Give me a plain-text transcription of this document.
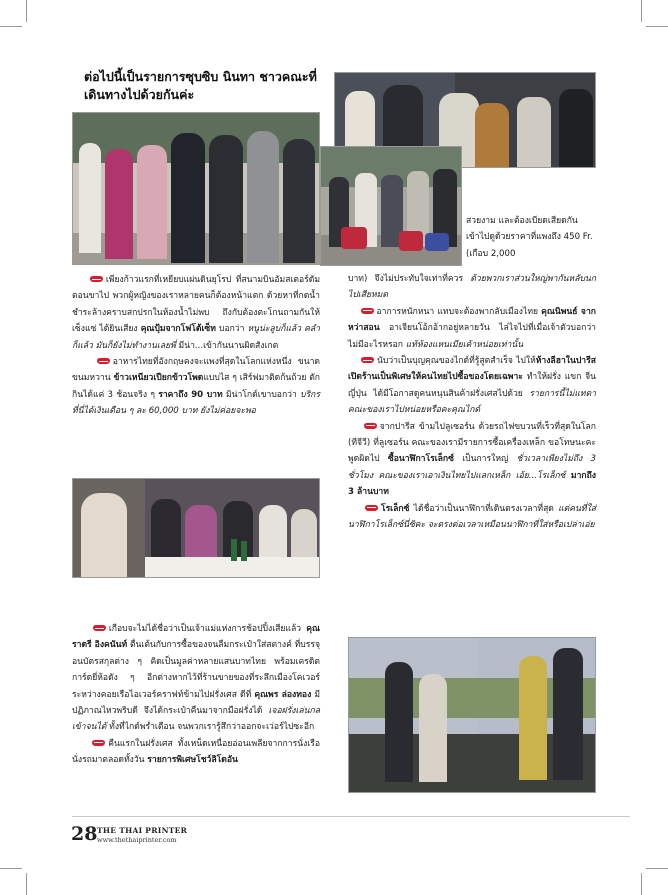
ต่อไปนี้เป็นรายการซุบซิบ นินทา ชาวคณะที่เดินทางไปด้วยกันค่ะ

สวยงาม และต้องเบียดเสียดกันเข้าไปดูด้วยราคาที่แพงถึง 450 Fr. (เกือบ 2,000

เพียงก้าวแรกที่เหยียบแผ่นดินยุโรป ที่สนามบินอัมสเตอร์ดัมตอนขาไป พวกผู้หญิงของเราหลายคนก็ต้องหน้าแตก ด้วยหาที่กดน้ำชำระล้างคราบสกปรกในห้องน้ำไม่พบ ถึงกับต้องตะโกนถามกันให้เซ็งแซ่ ได้ยินเสียง คุณปุ้มจากโฟโต้เซ็ท บอกว่า หนูน่ะลูบก็แล้ว คลำก็แล้ว มันก็ยังไม่ทำงานเลยพี่ มีน่า...เข้ากันนานผิดสังเกต

อาหารไทยที่อังกฤษคงจะแพงที่สุดในโลกแห่งหนึ่ง ขนาดขนมหวาน ข้าวเหนียวเปียกข้าวโพดแบบไส ๆ เสิร์ฟมาติดก้นถ้วย ตักกินได้แค่ 3 ช้อนจริง ๆ ราคาถึง 90 บาท มิน่าโกด์เขาบอกว่า บริกรที่นี่ได้เงินเดือน ๆ ละ 60,000 บาท ยังไม่ค่อยจะพอ

เกือบจะไม่ได้ชื่อว่าเป็นเจ้าแม่แห่งการช้อปปิ้งเสียแล้ว คุณราตรี อิงคนันท์ ตื่นเต้นกับการซื้อของจนลืมกระเป๋าใส่สตางค์ ที่บรรจุอนบัตรสกุลต่าง ๆ คิดเป็นมูลค่าหลายแสนบาทไทย พร้อมเครดิตการ์ดยี่ห้อดัง ๆ อีกต่างหากไว้ที่ร้านขายของที่ระลึกเมืองโคเวอร์ ระหว่างคอยเรือไอเวอร์คราฟท์ข้ามไปฝรั่งเศส ดีที่ คุณพร ล่องทอง มีปฏิภาณไหวพริบดี จึงได้กระเป๋าคืนมาจากมือฝรั่งได้ เจอฝรั่งเล่นกลเข้าจนได้ ทั้งที่ไกด์พร่ำเตือน จนพวกเรารู้สึกว่าออกจะเว่อร์ไปซะอีก

คืนแรกในฝรั่งเศส ทั้งเหน็ดเหนื่อยอ่อนเพลียจากการนั่งเรือ นั่งรถมาตลอดทั้งวัน รายการพิเศษโชว์ลิโดอัน

บาท) จึงไม่ประทับใจเท่าที่ควร ด้วยพวกเราส่วนใหญ่พากันหลับนกไปเสียหมด

อาการหนักหนา แทบจะต้องพากลับเมืองไทย คุณนิพนธ์ จากหว่าสอน อาเจียนโอ้กอ้ากอยู่หลายวัน ไล่ไจไปที่เมื่อเจ้าตัวบอกว่าไม่มีอะไรหรอก แท้ห้องแหนเมียเค้าหน่อยเท่านั้น

นับว่าเป็นบุญคุณของไกด์ที่รู้สูตสำเร็จ ไปให้ห้างลีฮาในปารีส เปิดร้านเป็นพิเศษให้คนไทยไปซื้อของโดยเฉพาะ ทำให้ฝรั่ง แขก จีน ญี่ปุ่น ได้มีโอกาสดูคนหนุนสินค้าฝรั่งเศสไปด้วย รายการนี้ไม่แทตาคณะของเราไปหน่อยหรือคะคุณไกด์

จากปารีส ข้ามไปลูเซอร์น ด้วยรถไฟขบวนที่เร็วที่สุดในโลก (ทีจีวี) ที่ลูเซอร์น คณะของเรามีรายการซื้อเครื่องเหล็ก ขอโทษนะคะ พูดผิดไป ซื้อนาฬิกาโรเล็กซ์ เป็นการใหญ่ ชั่วเวลาเพียงไม่ถึง 3 ชั่วโมง คณะของเราเอาเงินไทยไปแลกเหล็ก เอ้ย...โรเล็กซ์ มากถึง 3 ล้านบาท

โรเล็กซ์ ได้ชื่อว่าเป็นนาฬิกาที่เดินตรงเวลาที่สุด แต่คนที่ใส่นาฬิกาโรเล็กซ์นี่ซิคะ จะตรงต่อเวลาเหมือนนาฬิกาที่ใส่หรือเปล่าเอ่ย

28 THE THAI PRINTER
www.thethaiprinter.com
